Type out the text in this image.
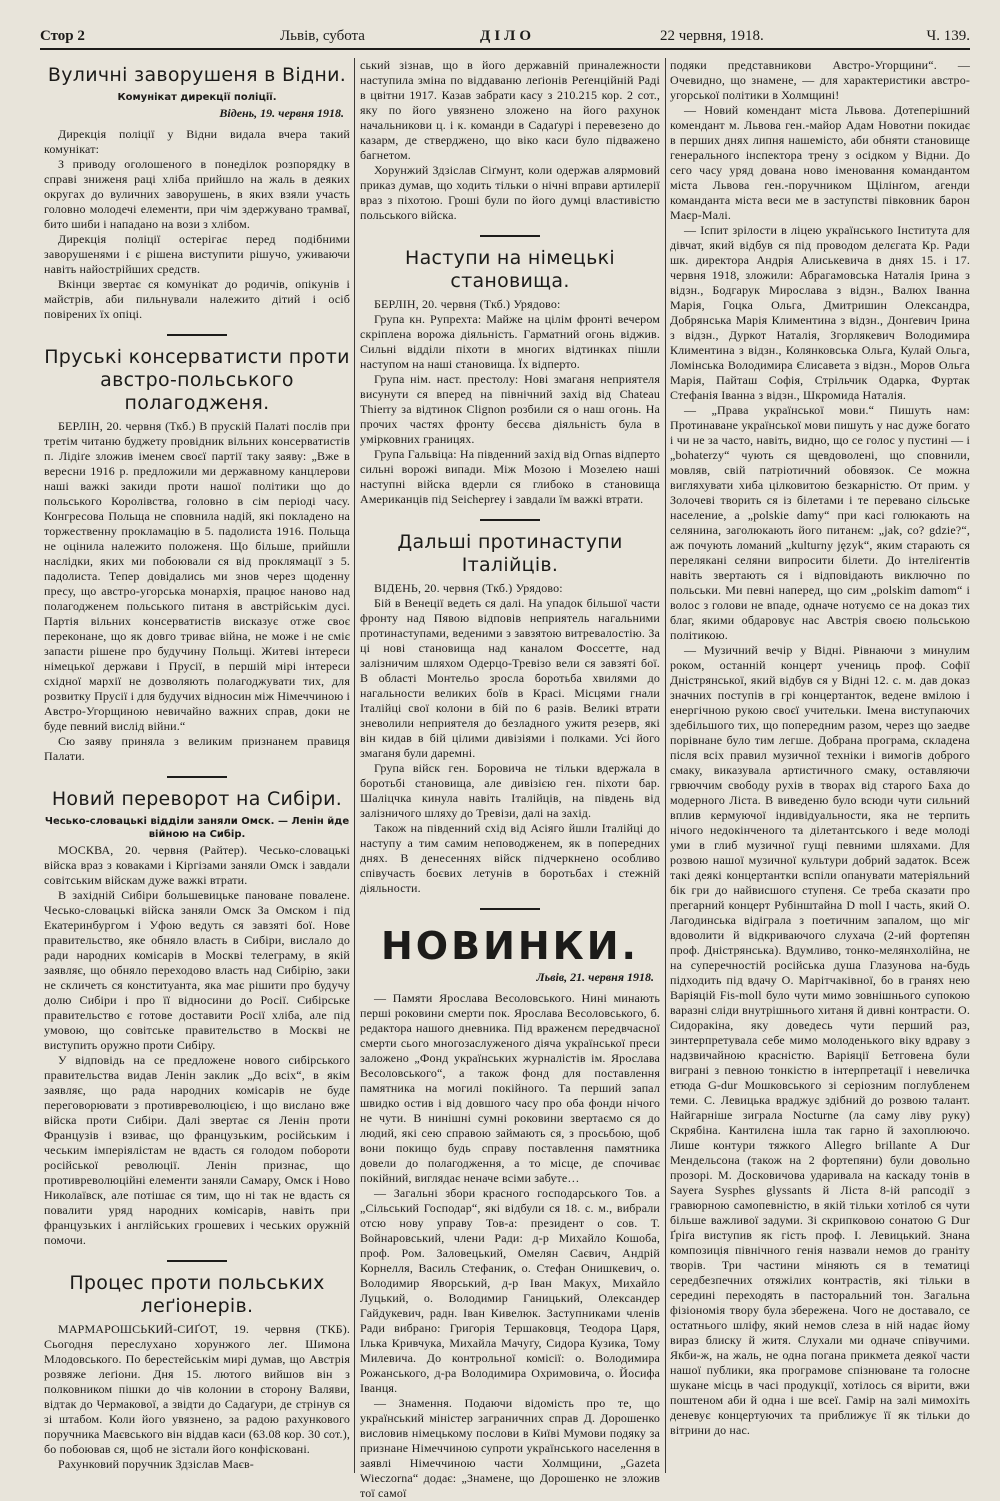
Стор 2	Львів, субота	ДІЛО	22 червня, 1918.	Ч. 139.
Вуличні заворушеня в Відни.
Комунікат дирекції поліції.
Відень, 19. червня 1918.

Дирекція поліції у Відни видала вчера такий комунікат:

З приводу оголошеного в понеділок розпорядку в справі зниженя раці хліба прийшло на жаль в деяких округах до вуличних заворушень, в яких взяли участь головно молодечі елементи, при чім здержувано трамваї, бито шиби і нападано на вози з хлібом.

Дирекція поліції остерігає перед подібними заворушенями і є рішена виступити рішучо, уживаючи навіть найострійших средств.

Вкінци звертає ся комунікат до родичів, опікунів і майстрів, аби пильнували належито дітий і осіб повірених їх опіці.

Пруські консерватисти проти австро-польського полагодженя.

БЕРЛІН, 20. червня (Ткб.) В прускій Палаті послів при третім читаню буджету провідник вільних консерватистів п. Лідіґе зложив іменем своєї партії таку заяву: „Вже в вересни 1916 р. предложили ми державному канцлерови наші важкі закиди проти нашої політики що до польського Королівства, головно в сім періоді часу. Конгресова Польща не сповнила надій, які покладено на торжественну прокламацію в 5. падолиста 1916. Польща не оцінила належито положеня. Що більше, прийшли наслідки, яких ми побоювали ся від проклямації з 5. падолиста. Тепер довідались ми знов через щоденну пресу, що австро-угорська монархія, працює наново над полагодженем польського питаня в австрійськім дусі. Партія вільних консерватистів висказує отже своє переконане, що як довго триває війна, не може і не сміє запасти рішене про будучину Польщі. Житеві інтереси німецької держави і Прусії, в першій мірі інтереси східної мархії не дозволяють полагоджувати тих, для розвитку Прусії і для будучих відносин між Німеччиною і Австро-Угорщиною невичайно важних справ, доки не буде певний вислід війни.“

Сю заяву приняла з великим признанем правиця Палати.

Новий переворот на Сибіри.
Чесько-словацькі відділи заняли Омск. — Ленін йде війною на Сибір.

МОСКВА, 20. червня (Райтер). Чесько-словацькі війска враз з коваками і Кіргізами заняли Омск і завдали совітським війскам дуже важкі втрати.

В західній Сибіри большевицьке пановане повалене. Чесько-словацькі війска заняли Омск За Омском і під Екатеринбургом і Уфою ведуть ся завзяті бої. Нове правительство, яке обняло власть в Сибіри, вислало до ради народних комісарів в Москві телеграму, в якій заявляє, що обняло переходово власть над Сибірію, заки не скличеть ся конституанта, яка має рішити про будучу долю Сибіри і про її відносини до Росії. Сибірське правительство є готове доставити Росії хліба, але під умовою, що совітське правительство в Москві не виступить оружно проти Сибіру.

У відповідь на се предложене нового сибірського правительства видав Ленін заклик „До всіх“, в якім заявляє, що рада народних комісарів не буде переговорювати з противреволюцією, і що вислано вже війска проти Сибіри. Далі звертає ся Ленін проти Французів і взиває, що французьким, російським і чеським імперіялістам не вдасть ся голодом побороти російської революції. Ленін признає, що противреволюційні елементи заняли Самару, Омск і Ново Николаївск, але потішає ся тим, що ні так не вдасть ся повалити уряд народних комісарів, навіть при французьких і англійських грошевих і чеських оружній помочи.

Процес проти польських леґіонерів.

МАРМАРОШСЬКИЙ-СИҐОТ, 19. червня (ТКБ). Сьогодня переслухано хорунжого леґ. Шимона Млодовського. По берестейськім мирі думав, що Австрія розвяже леґіони. Дня 15. лютого вийшов він з полковником пішки до чів колонии в сторону Валяви, відтак до Чермакової, а звідти до Садаґури, де стрінув ся зі штабом. Коли його увязнено, за радою рахункового поручника Маєвського він віддав каси (63.08 кор. 30 сот.), бо побоював ся, щоб не зістали його конфісковані.

Рахунковий поручник Здзіслав Маєв-

ський зізнав, що в його державній приналежности наступила зміна по віддаваню леґіонів Реґенційній Раді в цвітни 1917. Казав забрати касу з 210.215 кор. 2 сот., яку по його увязнено зложено на його рахунок начальникови ц. і к. команди в Садаґурі і перевезено до казарм, де стверджено, що віко каси було підважено багнетом.

Хорунжий Здзіслав Сіґмунт, коли одержав алярмовий приказ думав, що ходить тільки о нічні вправи артилерії враз з піхотою. Гроші були по його думці властивістю польського війска.

Наступи на німецькі становища.

БЕРЛІН, 20. червня (Ткб.) Урядово:

Група кн. Рупрехта: Майже на цілім фронті вечером скріплена ворожа діяльність. Гарматний огонь віджив. Сильні відділи піхоти в многих відтинках пішли наступом на наші становища. Їх відперто.

Група нім. наст. престолу: Нові змаганя неприятеля висунути ся вперед на північний захід від Chateau Thierry за відтинок Clignon розбили ся о наш огонь. На прочих частях фронту бесєва діяльність була в умірковних границях.

Група Гальвіца: На південний захід від Ornas відперто сильні ворожі випади. Між Мозою і Мозелею наші наступні війска вдерли ся глибоко в становища Американців під Seicheprey і завдали їм важкі втрати.

Дальші протинаступи Італійців.

ВІДЕНЬ, 20. червня (Ткб.) Урядово:

Бій в Венеції ведеть ся далі. На упадок більшої части фронту над Пявою відповів неприятель нагальними протинаступами, веденими з завзятою витревалостію. За ці нові становища над каналом Фоссетте, над залізничим шляхом Одерцо-Тревізо вели ся завзяті бої. В області Монтельо зросла боротьба хвилями до нагальности великих боїв в Красі. Місцями гнали Італійці свої колони в бій по 6 разів. Великі втрати зневолили неприятеля до безладного ужитя резерв, які він кидав в бій цілими дивізіями і полками. Усі його змаганя були даремні.

Група війск ген. Боровича не тільки вдержала в боротьбі становища, але дивізією ген. піхоти бар. Шаліцчка кинула навіть Італійців, на південь від залізничого шляху до Тревізи, далі на захід.

Також на південний схід від Асіяго йшли Італійці до наступу а тим самим неповодженем, як в попередних днях. В денесеннях війск підчеркнено особливо співучасть боєвих летунів в боротьбах і стежній діяльности.

НОВИНКИ.
Львів, 21. червня 1918.

— Памяти Ярослава Весоловського. Нині минають перші роковини смерти пок. Ярослава Весоловського, б. редактора нашого дневника. Під враженєм передвчасної смерти сього многозаслуженого діяча української преси заложено „Фонд українських журналістів ім. Ярослава Весоловського“, а також фонд для поставлення памятника на могилі покійного. Та перший запал швидко остив і від довшого часу про оба фонди нічого не чути. В нинішні сумні роковини звертаємо ся до людий, які сею справою займають ся, з просьбою, щоб вони покищо будь справу поставлення памятника довели до полагодження, а то місце, де спочиває покійний, виглядає неначе всіми забуте…

— Загальні збори красного господарського Тов. а „Сільський Господар“, які відбули ся 18. с. м., вибрали отсю нову управу Тов-а: президент о сов. Т. Войнаровський, члени Ради: д-р Михайло Кошоба, проф. Ром. Заловецький, Омелян Саєвич, Андрій Корнелля, Василь Стефаник, о. Стефан Онишкевич, о. Володимир Яворський, д-р Іван Макух, Михайло Луцький, о. Володимир Ганицький, Олександер Гайдукевич, радн. Іван Кивелюк. Заступниками членів Ради вибрано: Григорія Тершаковця, Теодора Царя, Ілька Кривчука, Михайла Мачуґу, Сидора Кузика, Тому Милевича. До контрольної комісії: о. Володимира Рожанського, д-ра Володимира Охримовича, о. Йосифа Іванця.

— Знамення. Подаючи відомість про те, що український міністер заграничних справ Д. Дорошенко висловив німецькому послови в Київі Мумови подяку за признане Німеччиною супроти українського населення в заявлі Німеччиною части Холмщини, „Gazeta Wieczorna“ додає: „Знамене, що Дорошенко не зложив тої самої

подяки представникови Австро-Угорщини“. — Очевидно, що знамене, — для характеристики австро-угорської політики в Холмщині!

— Новий комендант міста Львова. Дотеперішний комендант м. Львова ген.-майор Адам Новотни покидає в перших днях липня нашемісто, аби обняти становище генерального інспектора трену з осідком у Відни. До сего часу уряд дована ново іменовання командантом міста Львова ген.-поручником Щілінґом, агенди команданта міста веси ме в заступстві півковник барон Маєр-Малі.

— Іспит зрілости в ліцею українського Інститута для дівчат, який відбув ся під проводом делєгата Кр. Ради шк. директора Андрія Алиськевича в днях 15. і 17. червня 1918, зложили: Абрагамовська Наталія Ірина з відзн., Бодгарук Мирославa з відзн., Валюх Іванна Марія, Гоцка Ольга, Дмитришин Олександра, Добрянська Марія Климентина з відзн., Донґевич Ірина з відзн., Дуркот Наталія, Згорлякевич Володимира Климентина з відзн., Колянковська Ольга, Кулай Ольга, Ломінська Володимира Єлисавета з відзн., Моров Ольга Марія, Пайташ Софія, Стрільчик Одарка, Фуртак Стефанія Іванна з відзн., Шкромида Наталія.

— „Права української мови.“ Пишуть нам: Протинаване української мови пишуть у нас дуже богато і чи не за часто, навіть, видно, що се голос у пустині — і „bohaterzy“ чують ся щевдоволені, що сповнили, мовляв, свій патріотичний обовязок. Се можна вигляхувати хиба цілковитою безкарністю. От прим. у Золочеві творить ся із білетами і те перевано сільське население, а „polskie damy“ при касі голюкають на селянина, заголюкають його питанєм: „jak, co? gdzie?“, аж почують ломаний „kulturny język“, яким старають ся перелякані селяни випросити білети. До інтеліґентів навіть звертають ся і відповідають виключно по польськи. Ми певні наперед, що сим „polskim damom“ і волос з голови не впаде, одначе нотуємо се на доказ тих благ, якими обдаровує нас Австрія своєю польською політикою.

— Музичний вечір у Відні. Рівнаючи з минулим роком, останній концерт учениць проф. Софії Дністрянської, який відбув ся у Відні 12. с. м. дав доказ значних поступів в грі концертанток, ведене вмілою і енергічною рукою своєї учительки. Імена виступаючих здебільшого тих, що попередним разом, через що заедве порівнане було тим легше. Добрана програма, складена після всіх правил музичної техніки і вимогів доброго смаку, виказувала артистичного смаку, оставляючи грвюччим свободу рухів в творах від старого Баха до модерного Ліста. В виведеню було всюди чути сильний вплив кермуючої індивідуальности, яка не терпить нічого недокінченого та ділетантського і веде молоді уми в глиб музичної гущі певними шляхами. Для розвою нашої музичної культури добрий задаток. Всеж такі деякі концертантки вспіли опанувати матеріяльний бік гри до найвисшого ступеня. Се треба сказати про прегарний концерт Рубінштайна D moll І часть, який О. Лагодинська відіграла з поетичним запалом, що міг вдоволити й відкриваючого слухача (2-ий фортепян проф. Дністрянська). Вдумливо, тонко-мелянхолійна, не на суперечностій російська душа Глазунова на-будь підходить під вдачу О. Марітчаківної, бо в гранях нею Варіяцій Fis-moll було чути мимо зовнішнього супокою варазні сліди внутрішнього хитаня й дивні контрасти. О. Сидоракіна, яку доведесь чути перший раз, зинтерпретувала себе мимо молоденького віку вдраву з надзвичайною красністю. Варіяції Бетговена були виграні з певною тонкістю в інтерпретації і невеличка етюда G-dur Мошковського зі серіозним поглубленем теми. С. Левицька враджує здібний до розвою талант. Найгарніше зиграла Nocturne (ла саму ліву руку) Скрябіна. Кантилєна ішла так гарно й захоплюючо. Лише контури тяжкого Allegro brillante A Dur Мендельсона (також на 2 фортепяни) були довольно прозорі. М. Досковичова ударивала на каскаду тонів в Sayera Sysphes glyssants й Ліста 8-ій рапсодії з гравюрною самопевністю, в якій тільки хотілоб ся чути більше важливої задуми. Зі скрипковою сонатою G Dur Ґріґа виступив як гість проф. І. Левицький. Знана композиція північного генія назвали немов до граніту творів. Три частини міняють ся в тематиці середбезпечних отяжілих контрастів, які тільки в середині переходять в пасторальний тон. Загальна фізіономія твору була збережена. Чого не доставало, се остатнього шліфу, який немов слеза в ній надає йому вираз блиску й житя. Слухали ми одначе співучими. Якби-ж, на жаль, не одна погана прикмета деякої части нашої публики, яка програмове спізнюване та голосне шукане місць в часі продукції, хотілось ся вірити, вжи поштеном аби й одна і ше всеї. Гамір на залі мимохіть деневує концертуючих та приближує її як тільки до вітрини до нас.
